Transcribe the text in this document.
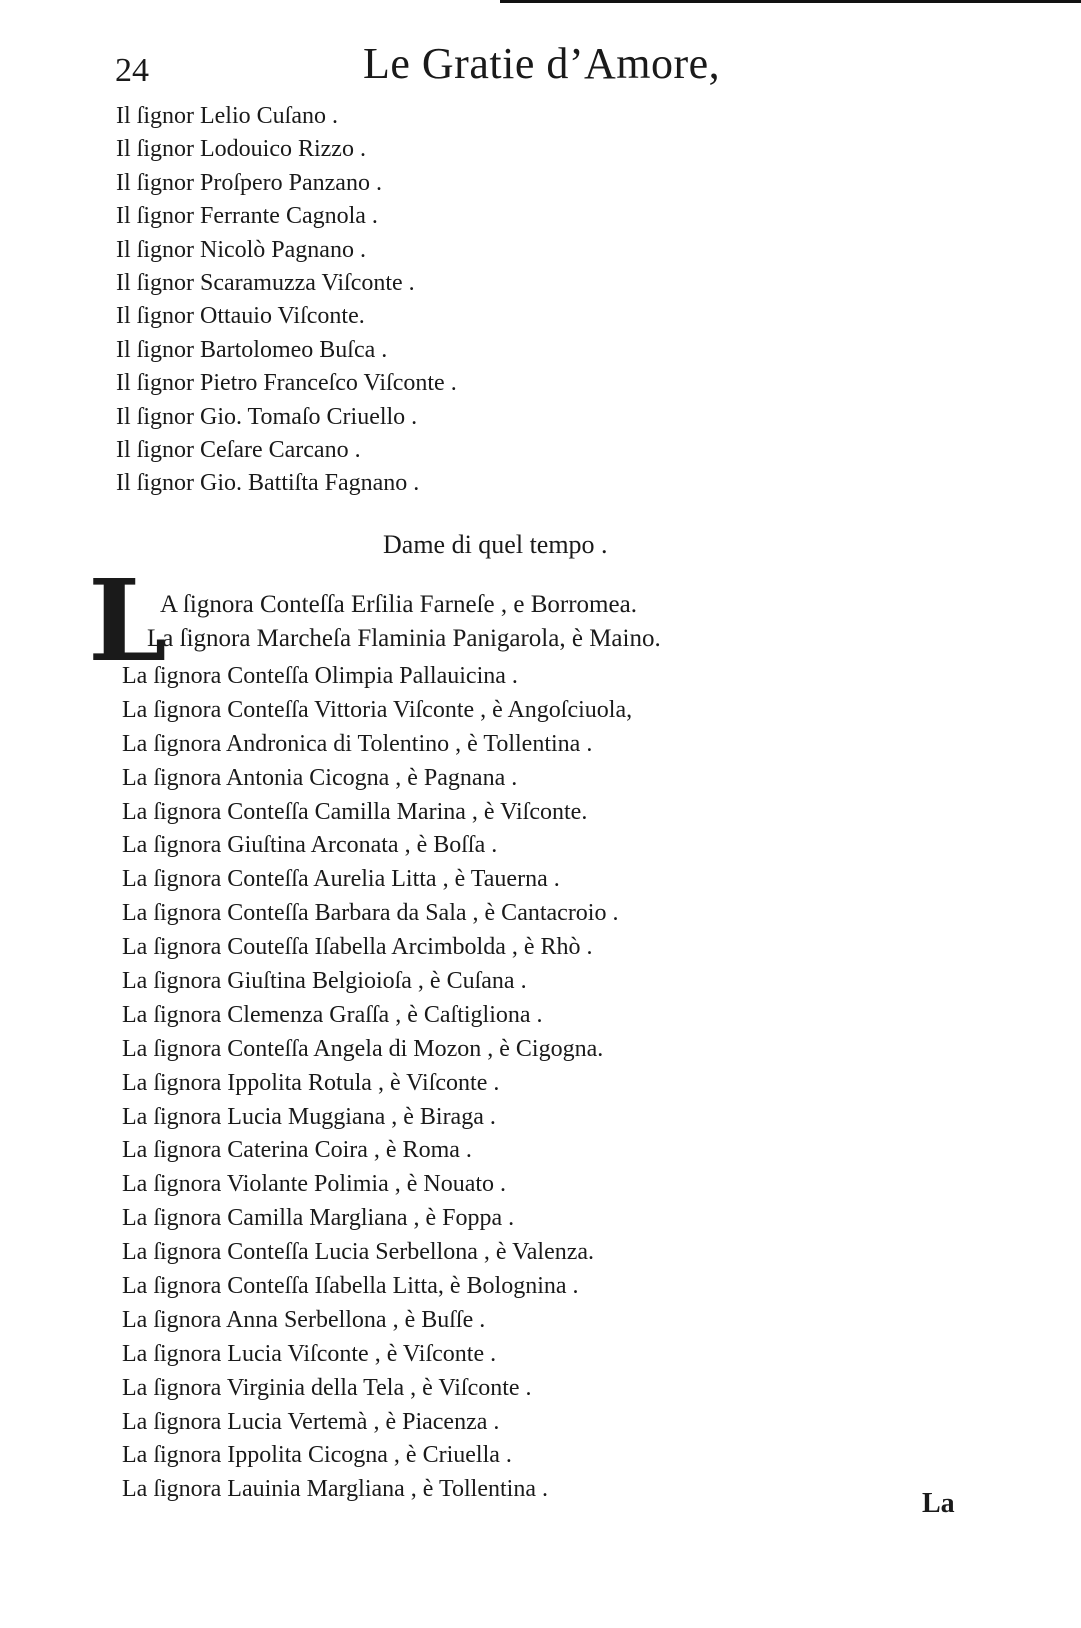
24	Le Gratie d’Amore,
Il ſignor Lelio Cuſano .
Il ſignor Lodouico Rizzo .
Il ſignor Proſpero Panzano .
Il ſignor Ferrante Cagnola .
Il ſignor Nicolò Pagnano .
Il ſignor Scaramuzza Viſconte .
Il ſignor Ottauio Viſconte.
Il ſignor Bartolomeo Buſca .
Il ſignor Pietro Franceſco Viſconte .
Il ſignor Gio. Tomaſo Criuello .
Il ſignor Ceſare Carcano .
Il ſignor Gio. Battiſta Fagnano .
Dame di quel tempo .
L
A ſignora Conteſſa Erſilia Farneſe , e Borromea.
La ſignora Marcheſa Flaminia Panigarola, è Maino.
La ſignora Conteſſa Olimpia Pallauicina .
La ſignora Conteſſa Vittoria Viſconte , è Angoſciuola,
La ſignora Andronica di Tolentino , è Tollentina .
La ſignora Antonia Cicogna , è Pagnana .
La ſignora Conteſſa Camilla Marina , è Viſconte.
La ſignora Giuſtina Arconata , è Boſſa .
La ſignora Conteſſa Aurelia Litta , è Tauerna .
La ſignora Conteſſa Barbara da Sala , è Cantacroio .
La ſignora Couteſſa Iſabella Arcimbolda , è Rhò .
La ſignora Giuſtina Belgioioſa , è Cuſana .
La ſignora Clemenza Graſſa , è Caſtigliona .
La ſignora Conteſſa Angela di Mozon , è Cigogna.
La ſignora Ippolita Rotula , è Viſconte .
La ſignora Lucia Muggiana , è Biraga .
La ſignora Caterina Coira , è Roma .
La ſignora Violante Polimia , è Nouato .
La ſignora Camilla Margliana , è Foppa .
La ſignora Conteſſa Lucia Serbellona , è Valenza.
La ſignora Conteſſa Iſabella Litta, è Bolognina .
La ſignora Anna Serbellona , è Buſſe .
La ſignora Lucia Viſconte , è Viſconte .
La ſignora Virginia della Tela , è Viſconte .
La ſignora Lucia Vertemà , è Piacenza .
La ſignora Ippolita Cicogna , è Criuella .
La ſignora Lauinia Margliana , è Tollentina .	La
